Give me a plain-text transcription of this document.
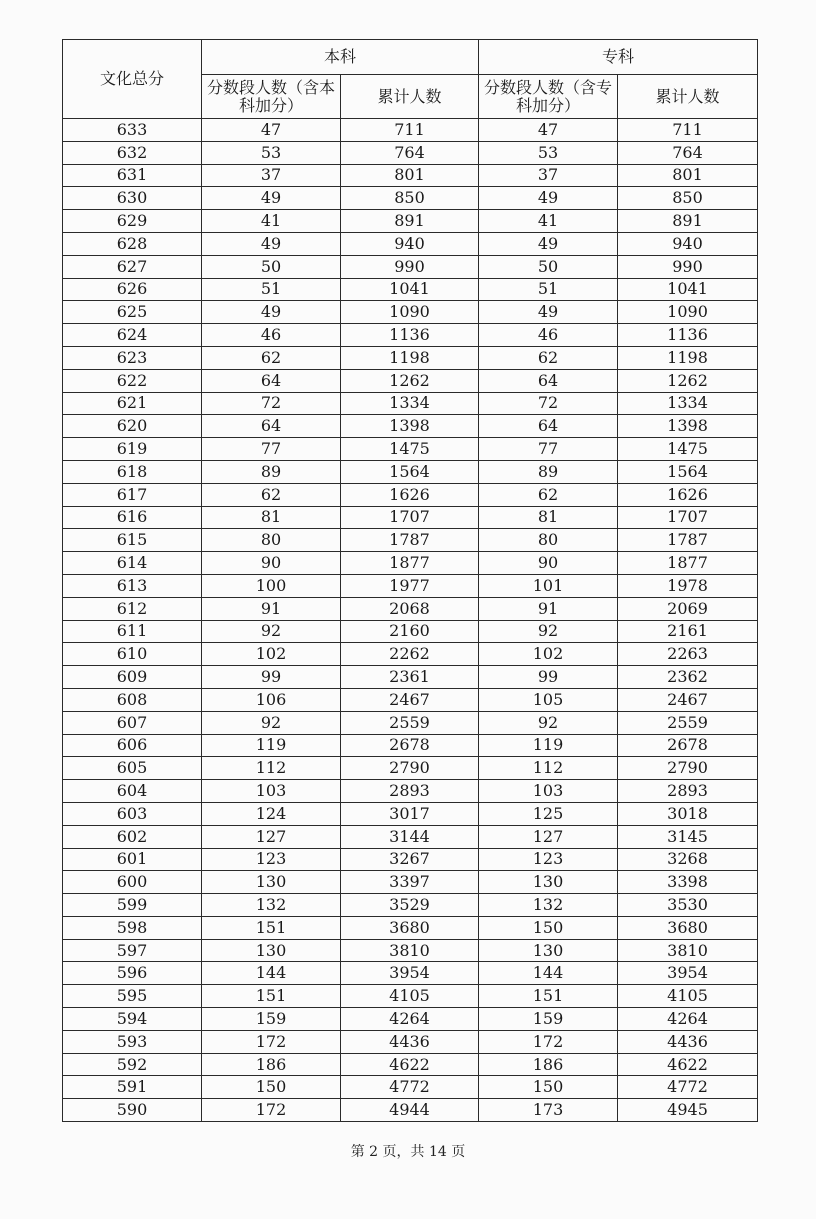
文化总分	本科		专科	
	分数段人数（含本科加分）	累计人数	分数段人数（含专科加分）	累计人数
633	47	711	47	711
632	53	764	53	764
631	37	801	37	801
630	49	850	49	850
629	41	891	41	891
628	49	940	49	940
627	50	990	50	990
626	51	1041	51	1041
625	49	1090	49	1090
624	46	1136	46	1136
623	62	1198	62	1198
622	64	1262	64	1262
621	72	1334	72	1334
620	64	1398	64	1398
619	77	1475	77	1475
618	89	1564	89	1564
617	62	1626	62	1626
616	81	1707	81	1707
615	80	1787	80	1787
614	90	1877	90	1877
613	100	1977	101	1978
612	91	2068	91	2069
611	92	2160	92	2161
610	102	2262	102	2263
609	99	2361	99	2362
608	106	2467	105	2467
607	92	2559	92	2559
606	119	2678	119	2678
605	112	2790	112	2790
604	103	2893	103	2893
603	124	3017	125	3018
602	127	3144	127	3145
601	123	3267	123	3268
600	130	3397	130	3398
599	132	3529	132	3530
598	151	3680	150	3680
597	130	3810	130	3810
596	144	3954	144	3954
595	151	4105	151	4105
594	159	4264	159	4264
593	172	4436	172	4436
592	186	4622	186	4622
591	150	4772	150	4772
590	172	4944	173	4945
第 2 页，共 14 页
